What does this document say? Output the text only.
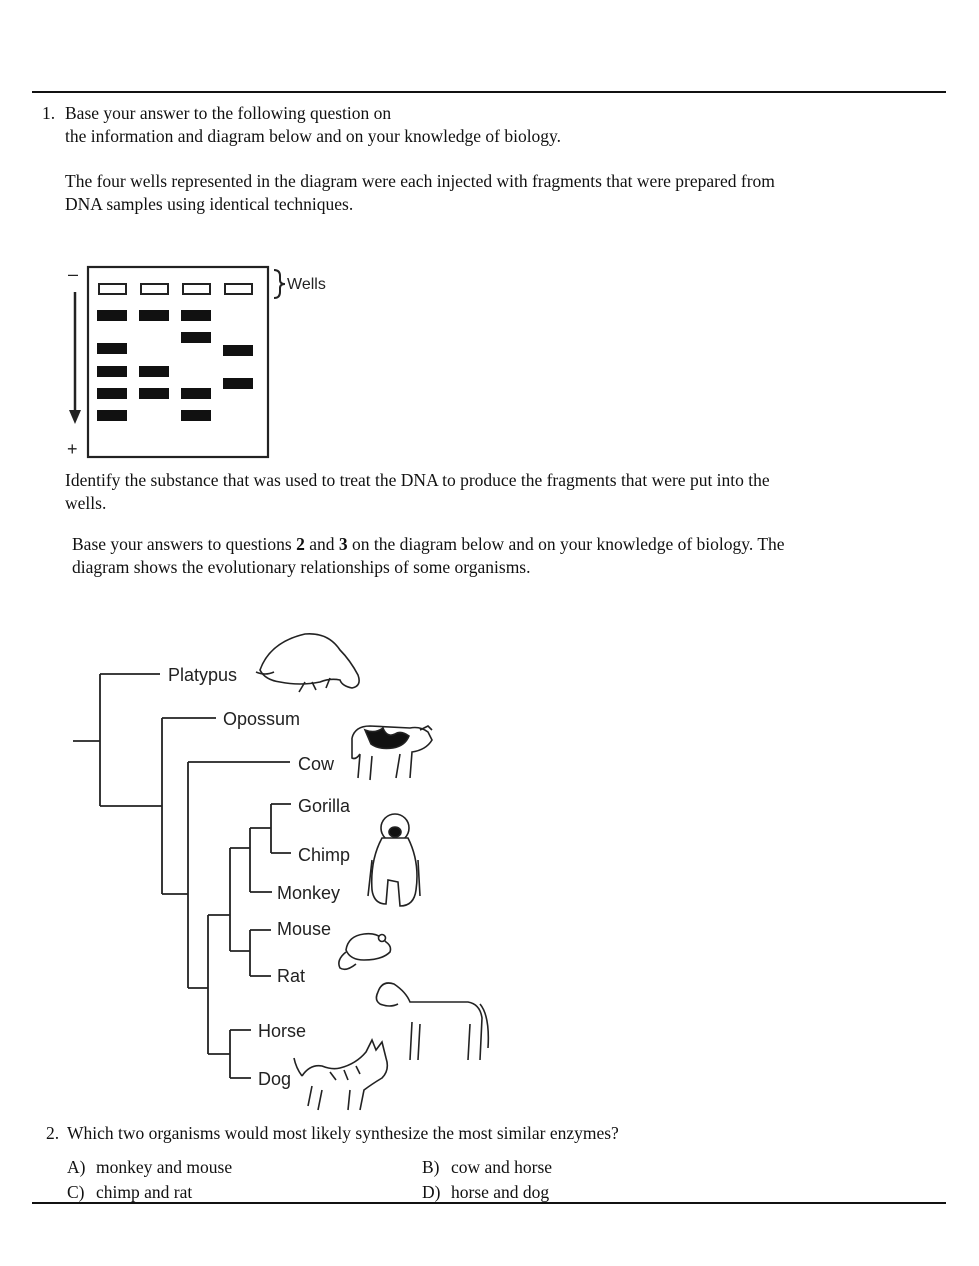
1. Base your answer to the following question on
the information and diagram below and on your knowledge of biology.
The four wells represented in the diagram were each injected with fragments that were prepared from
DNA samples using identical techniques.
–
+
Wells
Identify the substance that was used to treat the DNA to produce the fragments that were put into the
wells.
Base your answers to questions 2 and 3 on the diagram below and on your knowledge of biology. The
diagram shows the evolutionary relationships of some organisms.
Platypus
Opossum
Cow
Gorilla
Chimp
Monkey
Mouse
Rat
Horse
Dog
2. Which two organisms would most likely synthesize the most similar enzymes?
A) monkey and mouse	B) cow and horse
C) chimp and rat	D) horse and dog
